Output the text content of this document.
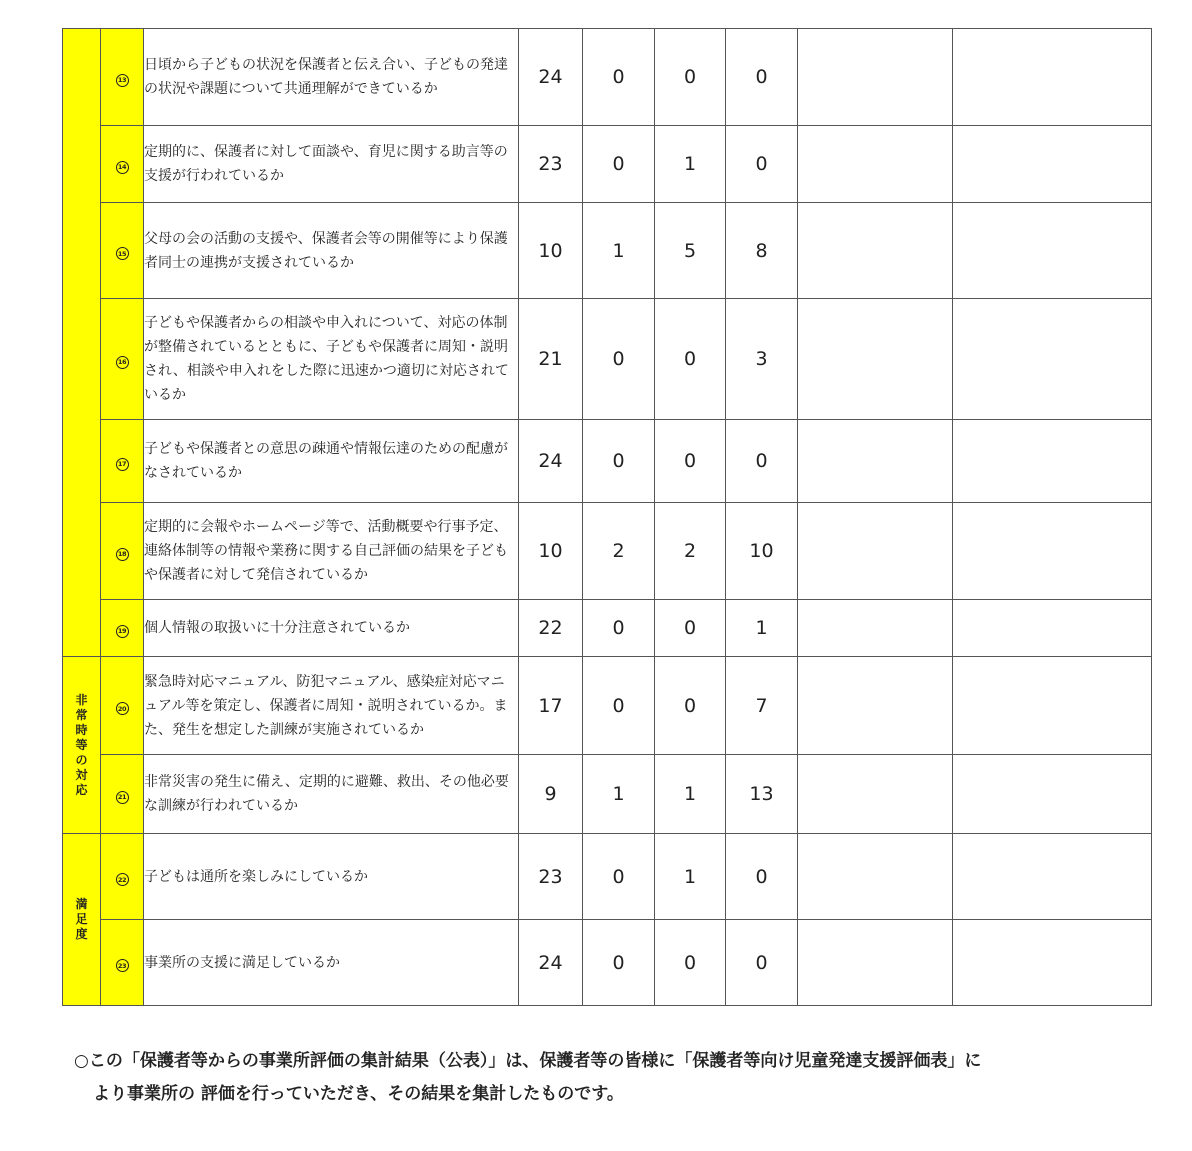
	13	日頃から子どもの状況を保護者と伝え合い、子どもの発達の状況や課題について共通理解ができているか	24	0	0	0		
	14	定期的に、保護者に対して面談や、育児に関する助言等の支援が行われているか	23	0	1	0		
	15	父母の会の活動の支援や、保護者会等の開催等により保護者同士の連携が支援されているか	10	1	5	8		
	16	子どもや保護者からの相談や申入れについて、対応の体制が整備されているとともに、子どもや保護者に周知・説明され、相談や申入れをした際に迅速かつ適切に対応されているか	21	0	0	3		
	17	子どもや保護者との意思の疎通や情報伝達のための配慮がなされているか	24	0	0	0		
	18	定期的に会報やホームページ等で、活動概要や行事予定、連絡体制等の情報や業務に関する自己評価の結果を子どもや保護者に対して発信されているか	10	2	2	10		
	19	個人情報の取扱いに十分注意されているか	22	0	0	1		
非常時等の対応	20	緊急時対応マニュアル、防犯マニュアル、感染症対応マニュアル等を策定し、保護者に周知・説明されているか。また、発生を想定した訓練が実施されているか	17	0	0	7		
	21	非常災害の発生に備え、定期的に避難、救出、その他必要な訓練が行われているか	9	1	1	13		
満足度	22	子どもは通所を楽しみにしているか	23	0	1	0		
	23	事業所の支援に満足しているか	24	0	0	0		
○この「保護者等からの事業所評価の集計結果（公表）」は、保護者等の皆様に「保護者等向け児童発達支援評価表」に
より事業所の 評価を行っていただき、その結果を集計したものです。
